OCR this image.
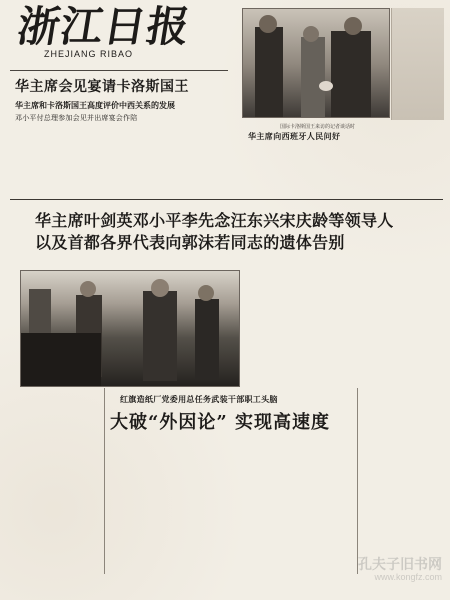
浙江日报
ZHEJIANG RIBAO
华主席会见宴请卡洛斯国王
华主席和卡洛斯国王高度评价中西关系的发展
邓小平付总理参加会见并出席宴会作陪
国际卡洛斯国王来访的记者谈话时
华主席向西班牙人民问好
华主席叶剑英邓小平李先念汪东兴宋庆龄等领导人
以及首都各界代表向郭沫若同志的遗体告别
红旗造纸厂党委用总任务武装干部职工头脑
大破“外因论” 实现高速度
孔夫子旧书网
www.kongfz.com
